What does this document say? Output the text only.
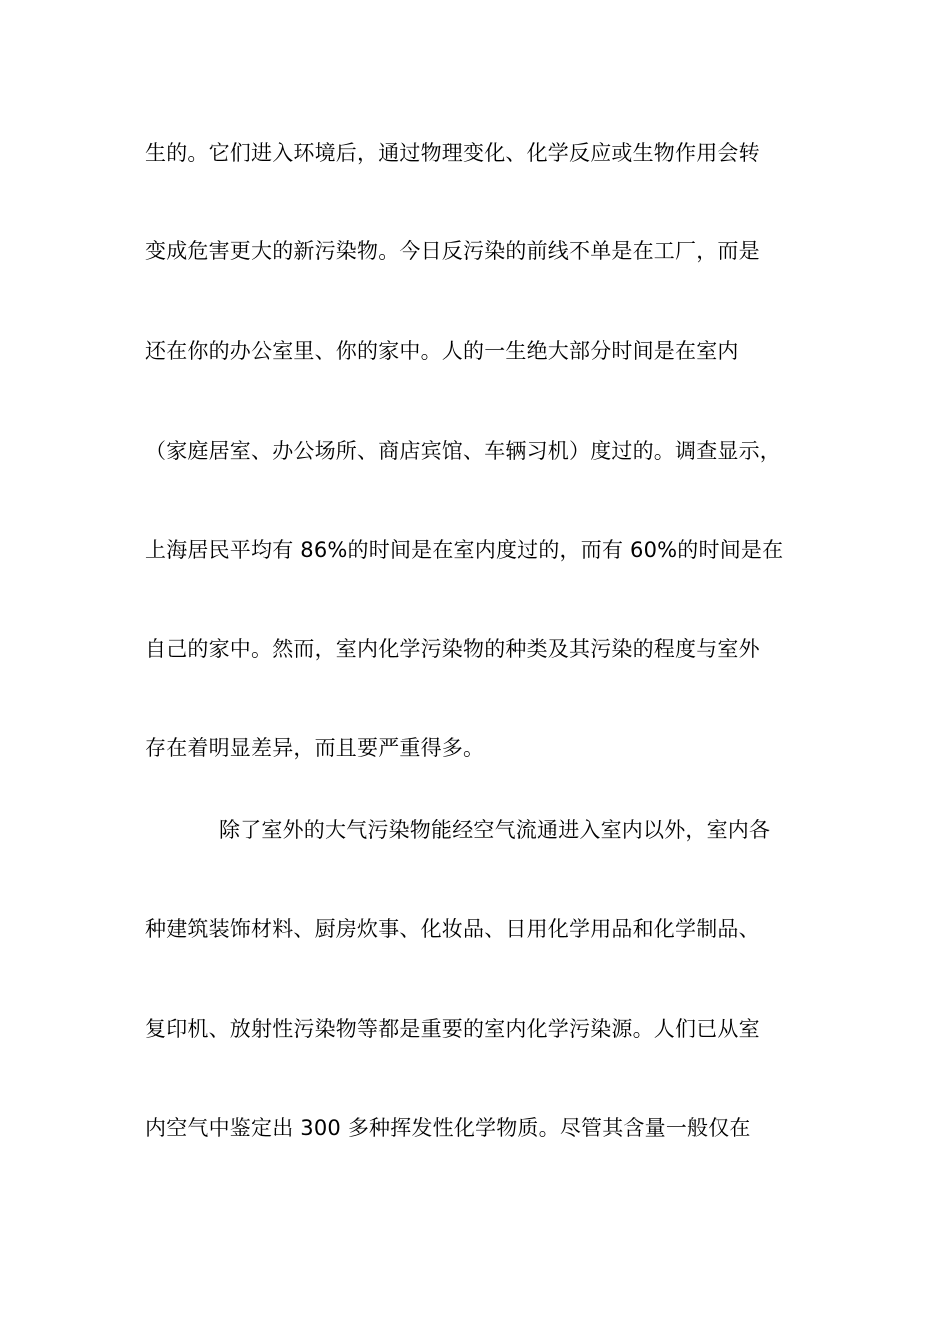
生的。它们进入环境后，通过物理变化、化学反应或生物作用会转
变成危害更大的新污染物。今日反污染的前线不单是在工厂，而是
还在你的办公室里、你的家中。人的一生绝大部分时间是在室内
（家庭居室、办公场所、商店宾馆、车辆习机）度过的。调查显示，
上海居民平均有 86%的时间是在室内度过的，而有 60%的时间是在
自己的家中。然而，室内化学污染物的种类及其污染的程度与室外
存在着明显差异，而且要严重得多。
除了室外的大气污染物能经空气流通进入室内以外，室内各
种建筑装饰材料、厨房炊事、化妆品、日用化学用品和化学制品、
复印机、放射性污染物等都是重要的室内化学污染源。人们已从室
内空气中鉴定出 300 多种挥发性化学物质。尽管其含量一般仅在
